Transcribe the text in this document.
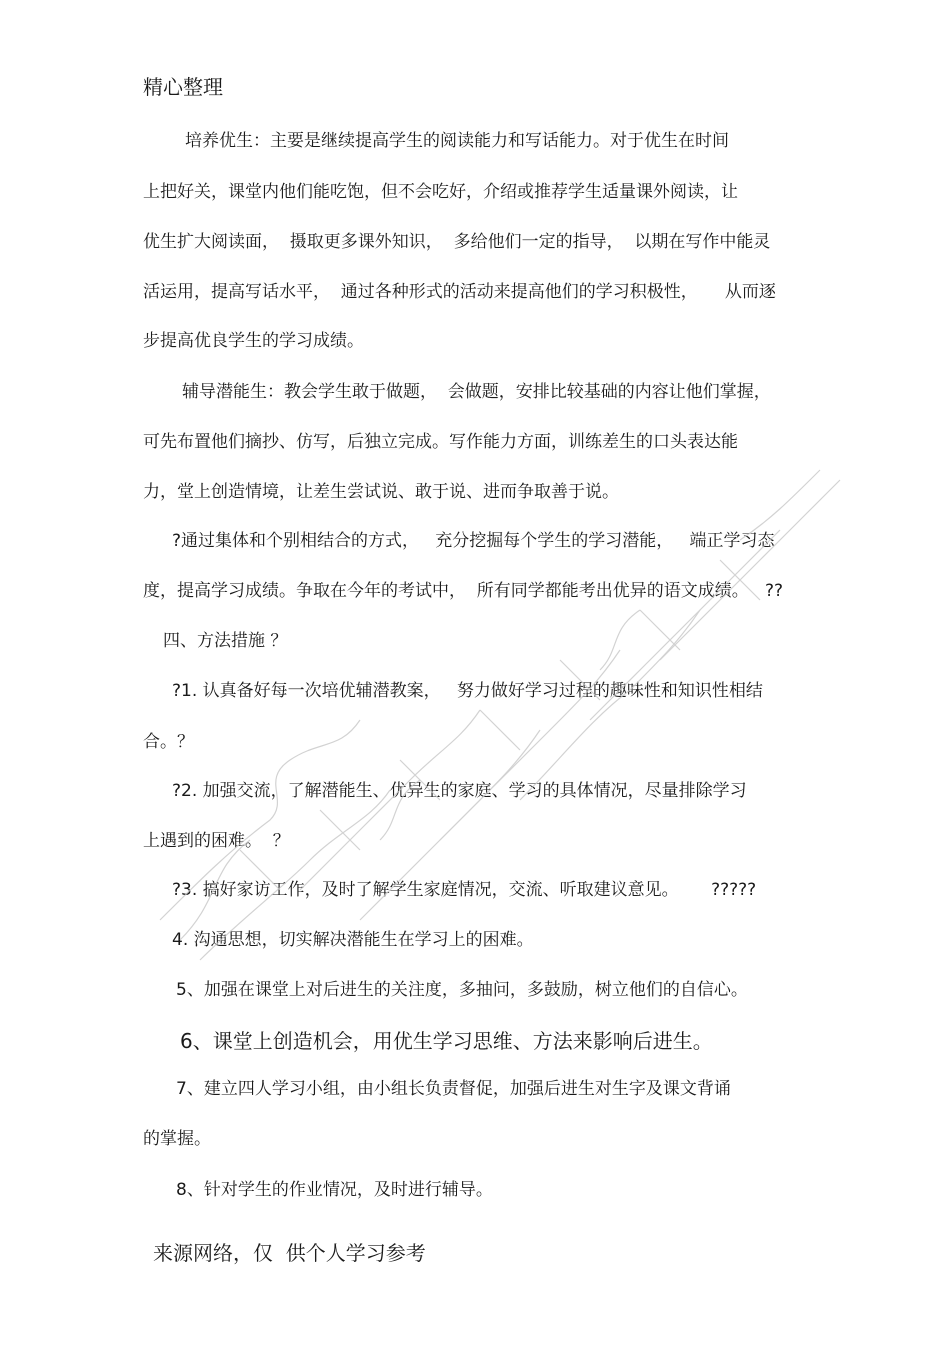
精心整理
培养优生：主要是继续提高学生的阅读能力和写话能力。对于优生在时间
上把好关，课堂内他们能吃饱，但不会吃好，介绍或推荐学生适量课外阅读，让
优生扩大阅读面，  摄取更多课外知识，  多给他们一定的指导，  以期在写作中能灵
活运用，提高写话水平，  通过各种形式的活动来提高他们的学习积极性，     从而逐
步提高优良学生的学习成绩。
辅导潜能生：教会学生敢于做题，  会做题，安排比较基础的内容让他们掌握，
可先布置他们摘抄、仿写，后独立完成。写作能力方面，训练差生的口头表达能
力，堂上创造情境，让差生尝试说、敢于说、进而争取善于说。
?通过集体和个别相结合的方式，   充分挖掘每个学生的学习潜能，   端正学习态
度，提高学习成绩。争取在今年的考试中，  所有同学都能考出优异的语文成绩。   ??
四、方法措施 ？
?1. 认真备好每一次培优辅潜教案，   努力做好学习过程的趣味性和知识性相结
合。？
?2. 加强交流，了解潜能生、优异生的家庭、学习的具体情况，尽量排除学习
上遇到的困难。  ？
?3. 搞好家访工作，及时了解学生家庭情况，交流、听取建议意见。      ?????
4. 沟通思想，切实解决潜能生在学习上的困难。
5、加强在课堂上对后进生的关注度，多抽问，多鼓励，树立他们的自信心。
6、课堂上创造机会，用优生学习思维、方法来影响后进生。
7、建立四人学习小组，由小组长负责督促，加强后进生对生字及课文背诵
的掌握。
8、针对学生的作业情况，及时进行辅导。
来源网络，仅  供个人学习参考
